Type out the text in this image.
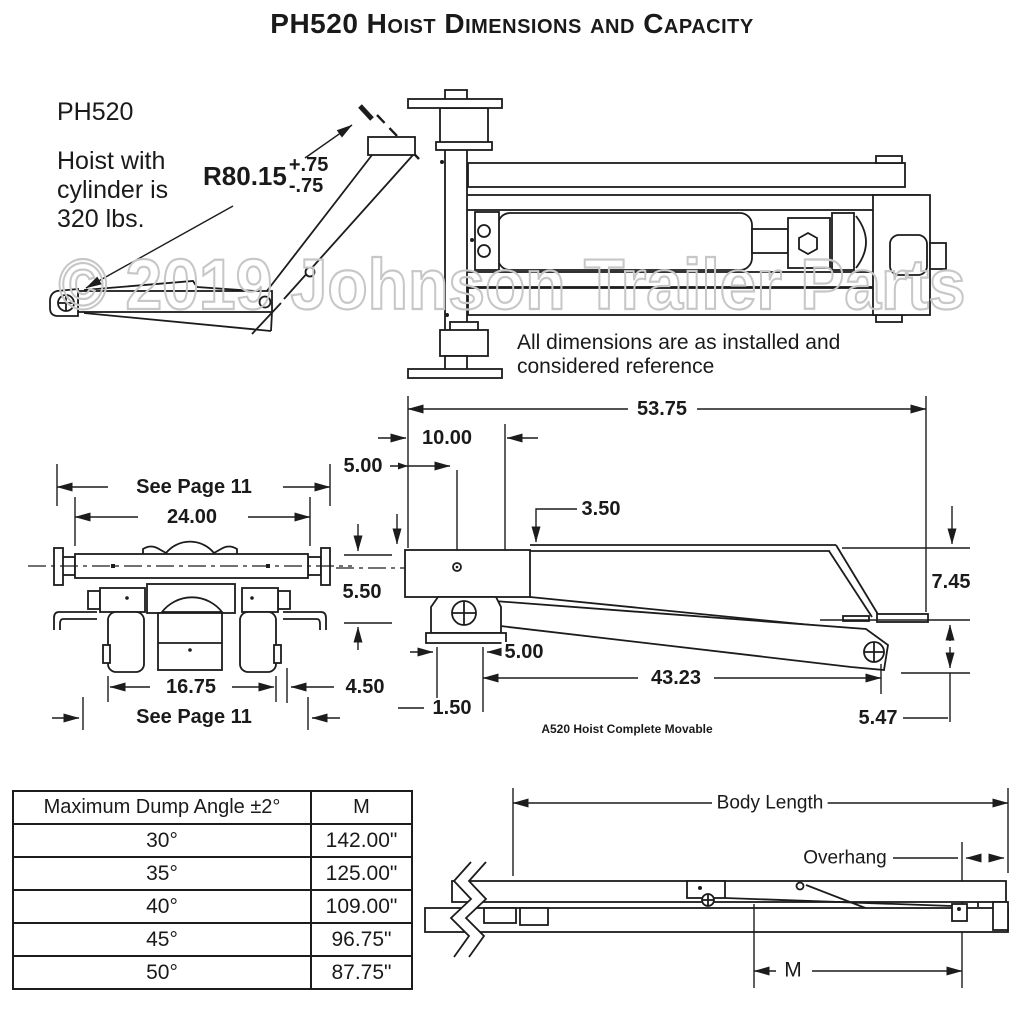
PH520 Hoist Dimensions and Capacity
PH520
Hoist with
cylinder is
320 lbs.
R80.15 +.75
-.75
All dimensions are as installed and
considered reference
53.75
10.00
5.00
3.50
7.45
5.00
43.23
1.50	5.47
A520 Hoist Complete Movable
See Page 11
24.00
5.50
16.75	4.50
See Page 11
Body Length
Overhang
M
Maximum Dump Angle ±2°	M
30°	142.00"
35°	125.00"
40°	109.00"
45°	96.75"
50°	87.75"
© 2019 Johnson
